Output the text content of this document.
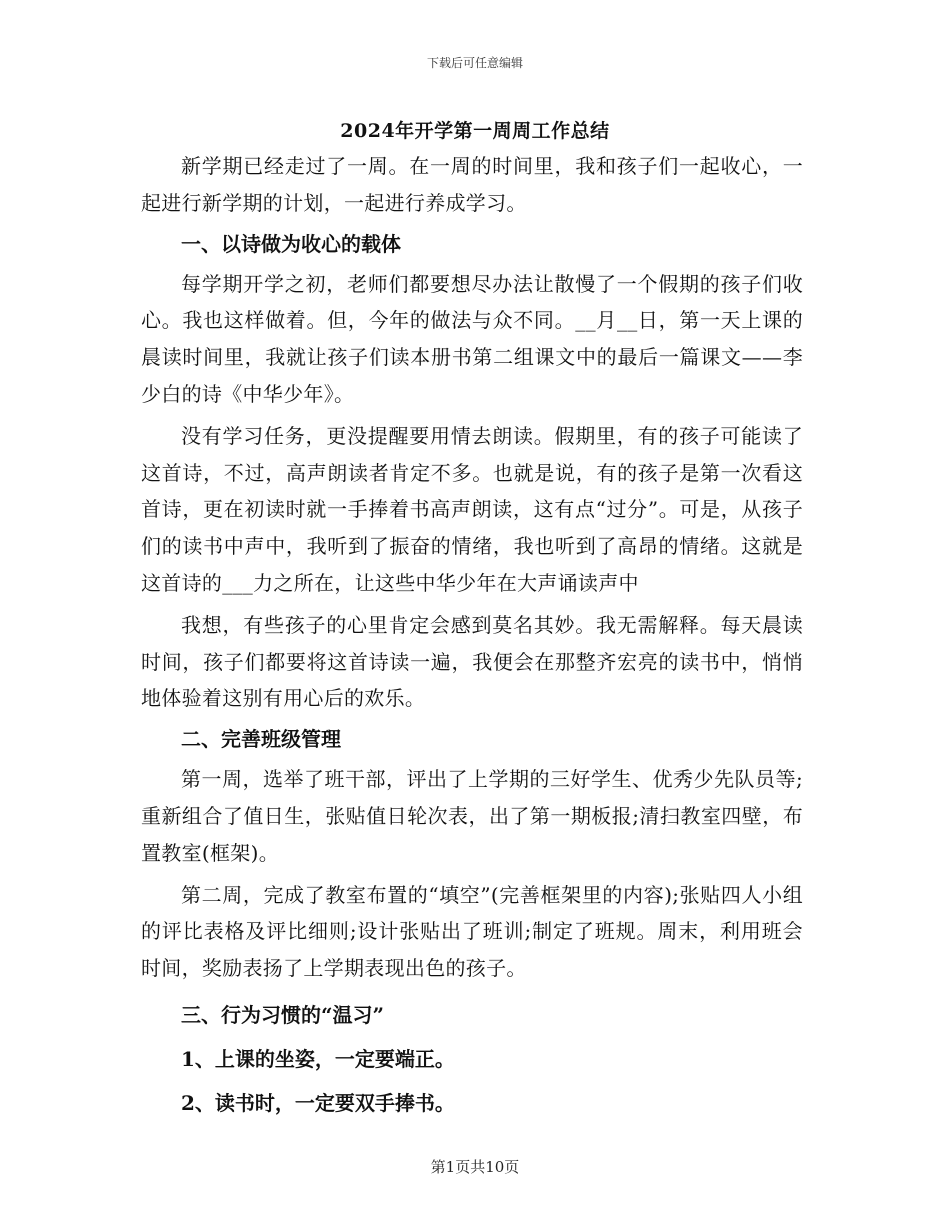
下载后可任意编辑
2024年开学第一周周工作总结

新学期已经走过了一周。在一周的时间里，我和孩子们一起收心，一起进行新学期的计划，一起进行养成学习。

一、以诗做为收心的载体

每学期开学之初，老师们都要想尽办法让散慢了一个假期的孩子们收心。我也这样做着。但，今年的做法与众不同。__月__日，第一天上课的晨读时间里，我就让孩子们读本册书第二组课文中的最后一篇课文——李少白的诗《中华少年》。

没有学习任务，更没提醒要用情去朗读。假期里，有的孩子可能读了这首诗，不过，高声朗读者肯定不多。也就是说，有的孩子是第一次看这首诗，更在初读时就一手捧着书高声朗读，这有点“过分”。可是，从孩子们的读书中声中，我听到了振奋的情绪，我也听到了高昂的情绪。这就是这首诗的___力之所在，让这些中华少年在大声诵读声中

我想，有些孩子的心里肯定会感到莫名其妙。我无需解释。每天晨读时间，孩子们都要将这首诗读一遍，我便会在那整齐宏亮的读书中，悄悄地体验着这别有用心后的欢乐。

二、完善班级管理

第一周，选举了班干部，评出了上学期的三好学生、优秀少先队员等;重新组合了值日生，张贴值日轮次表，出了第一期板报;清扫教室四壁，布置教室(框架)。

第二周，完成了教室布置的“填空”(完善框架里的内容);张贴四人小组的评比表格及评比细则;设计张贴出了班训;制定了班规。周末，利用班会时间，奖励表扬了上学期表现出色的孩子。

三、行为习惯的“温习”

1、上课的坐姿，一定要端正。

2、读书时，一定要双手捧书。

第1页共10页
